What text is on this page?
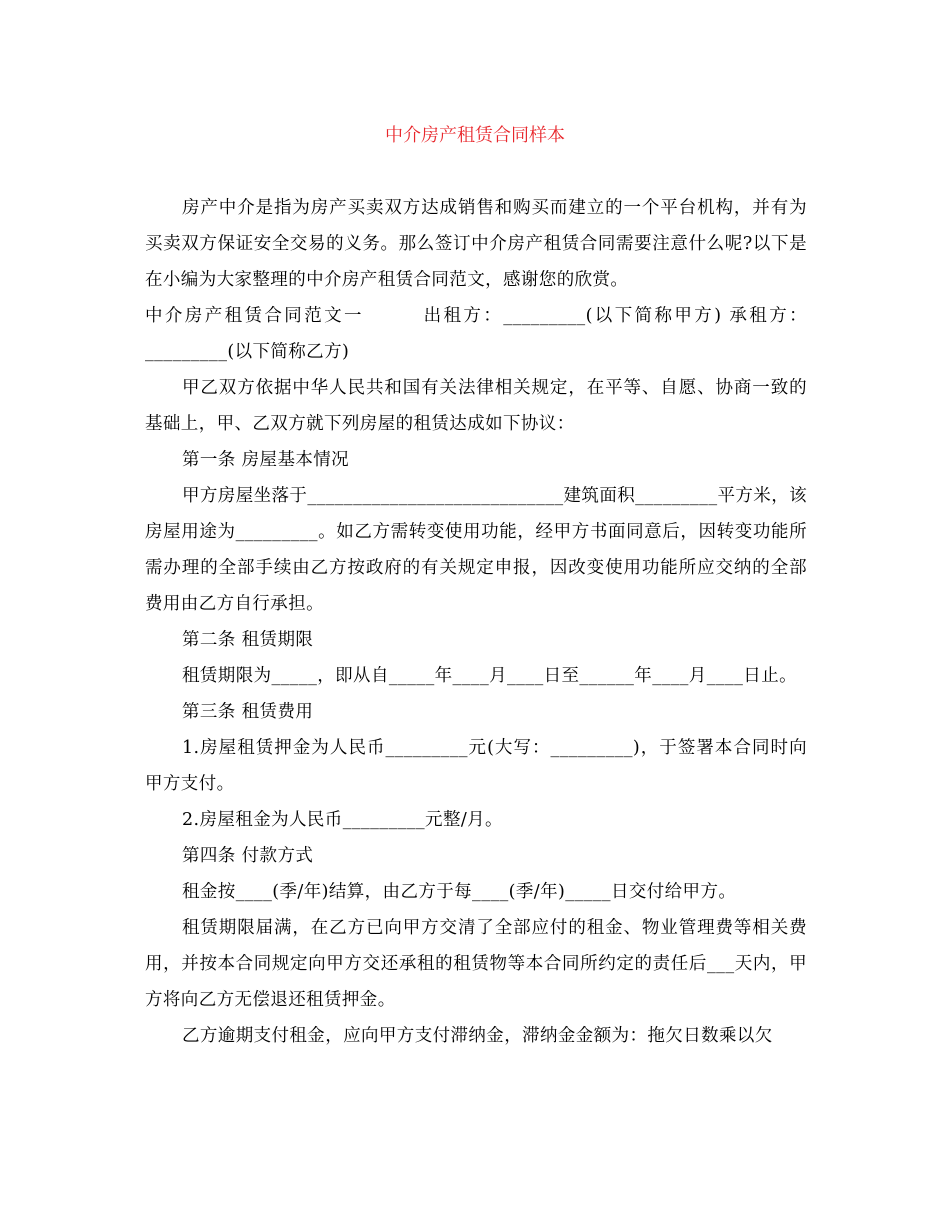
中介房产租赁合同样本

房产中介是指为房产买卖双方达成销售和购买而建立的一个平台机构，并有为买卖双方保证安全交易的义务。那么签订中介房产租赁合同需要注意什么呢?以下是在小编为大家整理的中介房产租赁合同范文，感谢您的欣赏。

中介房产租赁合同范文一　　　出租方：_________(以下简称甲方) 承租方：_________(以下简称乙方)

甲乙双方依据中华人民共和国有关法律相关规定，在平等、自愿、协商一致的基础上，甲、乙双方就下列房屋的租赁达成如下协议：

第一条 房屋基本情况

甲方房屋坐落于____________________________建筑面积_________平方米，该房屋用途为_________。如乙方需转变使用功能，经甲方书面同意后，因转变功能所需办理的全部手续由乙方按政府的有关规定申报，因改变使用功能所应交纳的全部费用由乙方自行承担。

第二条 租赁期限

租赁期限为_____，即从自_____年____月____日至______年____月____日止。

第三条 租赁费用

1.房屋租赁押金为人民币_________元(大写：_________)，于签署本合同时向甲方支付。

2.房屋租金为人民币_________元整/月。

第四条 付款方式

租金按____(季/年)结算，由乙方于每____(季/年)_____日交付给甲方。

租赁期限届满，在乙方已向甲方交清了全部应付的租金、物业管理费等相关费用，并按本合同规定向甲方交还承租的租赁物等本合同所约定的责任后___天内，甲方将向乙方无偿退还租赁押金。

乙方逾期支付租金，应向甲方支付滞纳金，滞纳金金额为：拖欠日数乘以欠
